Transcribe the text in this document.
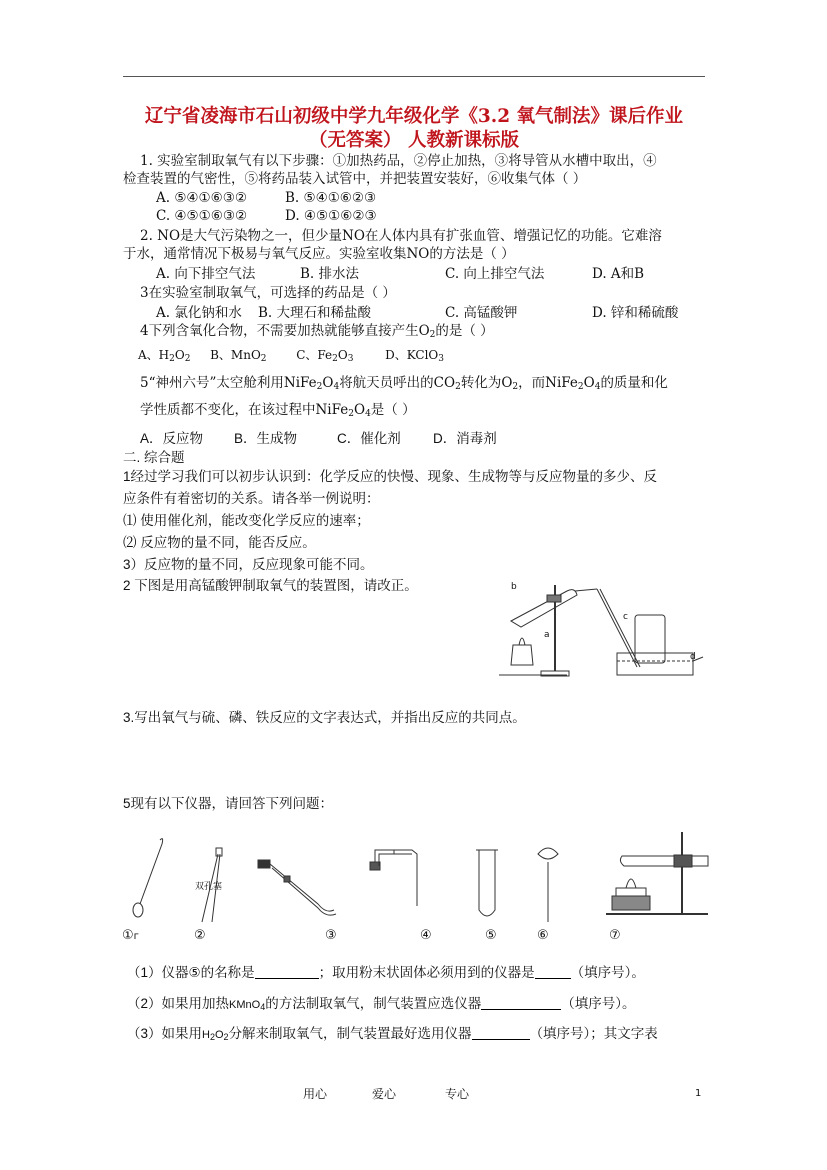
辽宁省凌海市石山初级中学九年级化学《3.2 氧气制法》课后作业
（无答案） 人教新课标版
1. 实验室制取氧气有以下步骤：①加热药品，②停止加热，③将导管从水槽中取出，④
检查装置的气密性，⑤将药品装入试管中，并把装置安装好，⑥收集气体（ ）
A. ⑤④①⑥③②	B. ⑤④①⑥②③
C. ④⑤①⑥③②	D. ④⑤①⑥②③
2. NO是大气污染物之一，但少量NO在人体内具有扩张血管、增强记忆的功能。它难溶
于水，通常情况下极易与氧气反应。实验室收集NO的方法是（ ）
A. 向下排空气法	B. 排水法	C. 向上排空气法	D. A和B
3在实验室制取氧气，可选择的药品是（ ）
A. 氯化钠和水 B. 大理石和稀盐酸	C. 高锰酸钾	D. 锌和稀硫酸
4下列含氧化合物，不需要加热就能够直接产生$O_2$的是（ ）
A、$H_2O_2$ B、MnO$_2$ C、$Fe_2O_3$	D、KClO$_3$
5“神州六号”太空舱利用$NiFe_2O_4$将航天员呼出的$CO_2$转化为$O_2$，而$NiFe_2O_4$的质量和化
学性质都不变化，在该过程中$NiFe_2O_4$是（ ）
A．反应物 B．生成物	C．催化剂 D．消毒剂
二. 综合题
1经过学习我们可以初步认识到：化学反应的快慢、现象、生成物等与反应物量的多少、反
应条件有着密切的关系。请各举一例说明：
⑴ 使用催化剂，能改变化学反应的速率；
⑵ 反应物的量不同，能否反应。
3）反应物的量不同，反应现象可能不同。
2 下图是用高锰酸钾制取氧气的装置图，请改正。	b
a
c
d
3.写出氧气与硫、磷、铁反应的文字表达式，并指出反应的共同点。
5现有以下仪器，请回答下列问题：
双孔塞
①г	②	③	④	⑤	⑥	⑦
（1）仪器⑤的名称是	；取用粉末状固体必须用到的仪器是	（填序号）。
（2）如果用加热KMnO$_4$的方法制取氧气，制气装置应选仪器	（填序号）。
（3）如果用$H_2O_2$分解来制取氧气，制气装置最好选用仪器	（填序号）；其文字表
用心	爱心	专心	1
